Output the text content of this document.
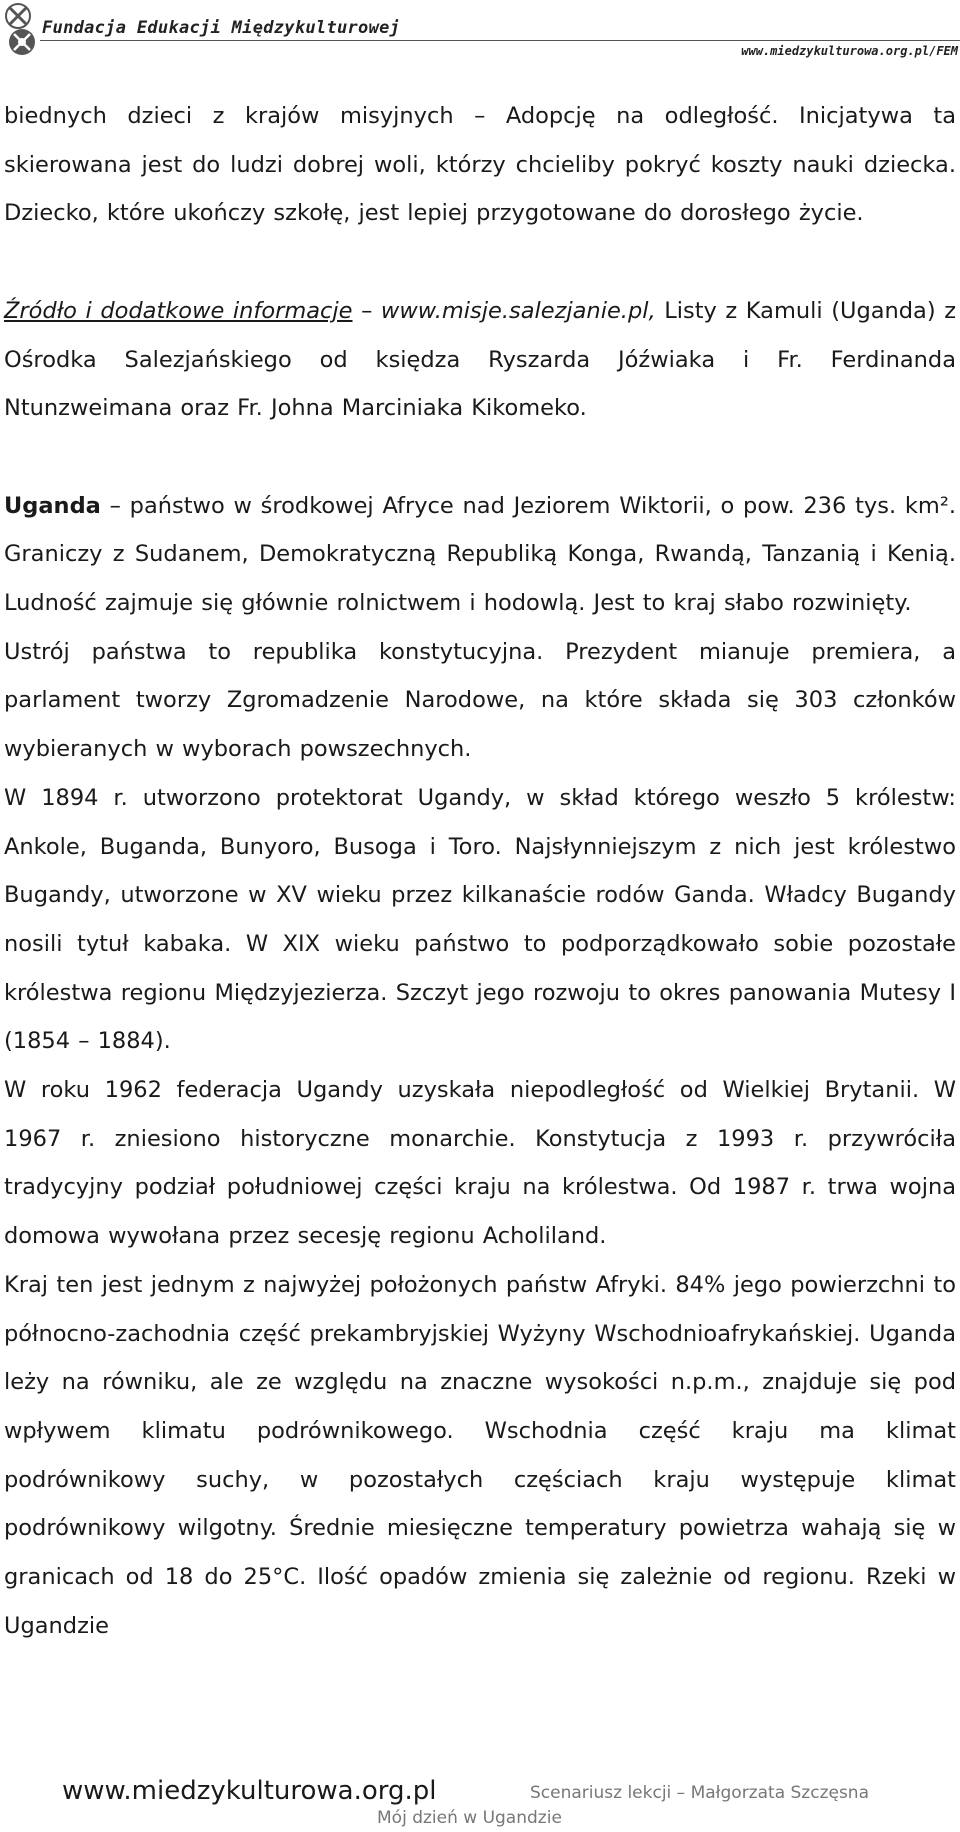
Fundacja Edukacji Międzykulturowej
www.miedzykulturowa.org.pl/FEM

biednych dzieci z krajów misyjnych – Adopcję na odległość. Inicjatywa ta skierowana jest do ludzi dobrej woli, którzy chcieliby pokryć koszty nauki dziecka. Dziecko, które ukończy szkołę, jest lepiej przygotowane do dorosłego życie.

Źródło i dodatkowe informacje – www.misje.salezjanie.pl, Listy z Kamuli (Uganda) z Ośrodka Salezjańskiego od księdza Ryszarda Jóźwiaka i Fr. Ferdinanda Ntunzweimana oraz Fr. Johna Marciniaka Kikomeko.

Uganda – państwo w środkowej Afryce nad Jeziorem Wiktorii, o pow. 236 tys. km². Graniczy z Sudanem, Demokratyczną Republiką Konga, Rwandą, Tanzanią i Kenią. Ludność zajmuje się głównie rolnictwem i hodowlą. Jest to kraj słabo rozwinięty.

Ustrój państwa to republika konstytucyjna. Prezydent mianuje premiera, a parlament tworzy Zgromadzenie Narodowe, na które składa się 303 członków wybieranych w wyborach powszechnych.

W 1894 r. utworzono protektorat Ugandy, w skład którego weszło 5 królestw: Ankole, Buganda, Bunyoro, Busoga i Toro. Najsłynniejszym z nich jest królestwo Bugandy, utworzone w XV wieku przez kilkanaście rodów Ganda. Władcy Bugandy nosili tytuł kabaka. W XIX wieku państwo to podporządkowało sobie pozostałe królestwa regionu Międzyjezierza. Szczyt jego rozwoju to okres panowania Mutesy I (1854 – 1884).

W roku 1962 federacja Ugandy uzyskała niepodległość od Wielkiej Brytanii. W 1967 r. zniesiono historyczne monarchie. Konstytucja z 1993 r. przywróciła tradycyjny podział południowej części kraju na królestwa. Od 1987 r. trwa wojna domowa wywołana przez secesję regionu Acholiland.

Kraj ten jest jednym z najwyżej położonych państw Afryki. 84% jego powierzchni to północno-zachodnia część prekambryjskiej Wyżyny Wschodnioafrykańskiej. Uganda leży na równiku, ale ze względu na znaczne wysokości n.p.m., znajduje się pod wpływem klimatu podrównikowego. Wschodnia część kraju ma klimat podrównikowy suchy, w pozostałych częściach kraju występuje klimat podrównikowy wilgotny. Średnie miesięczne temperatury powietrza wahają się w granicach od 18 do 25°C. Ilość opadów zmienia się zależnie od regionu. Rzeki w Ugandzie

www.miedzykulturowa.org.pl	Scenariusz lekcji – Małgorzata Szczęsna
Mój dzień w Ugandzie
